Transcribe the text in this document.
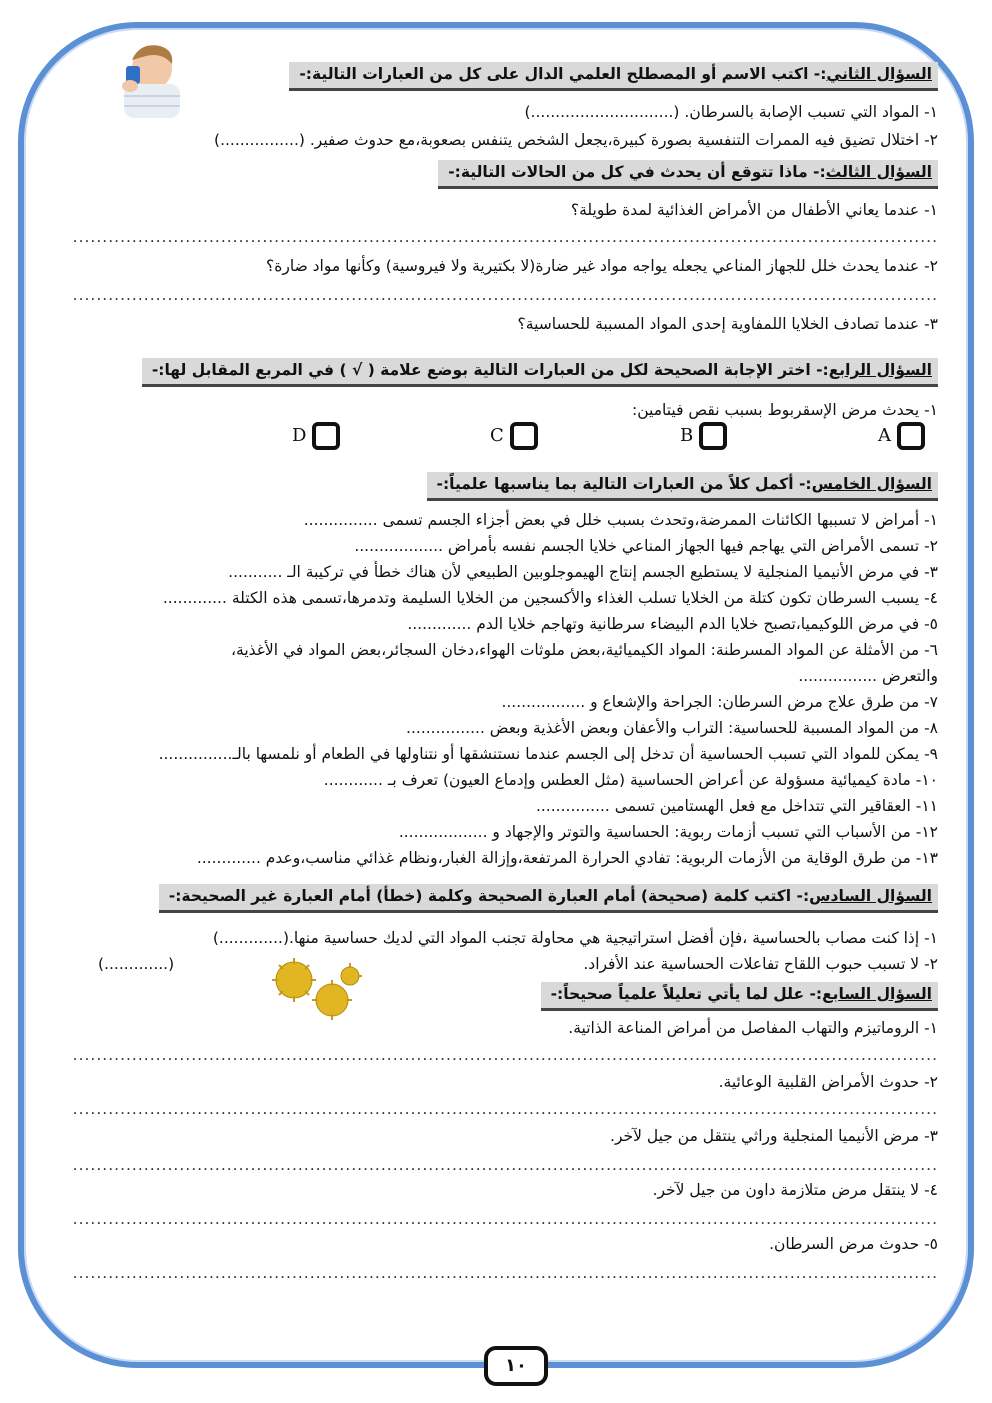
السؤال الثاني:- اكتب الاسم أو المصطلح العلمي الدال على كل من العبارات التالية:-
١- المواد التي تسبب الإصابة بالسرطان. (.............................)
٢- اختلال تضيق فيه الممرات التنفسية بصورة كبيرة،يجعل الشخص يتنفس بصعوبة،مع حدوث صفير. (................)
السؤال الثالث:- ماذا تتوقع أن يحدث في كل من الحالات التالية:-
١- عندما يعاني الأطفال من الأمراض الغذائية لمدة طويلة؟
..................................................................................................................................................
٢- عندما يحدث خلل للجهاز المناعي يجعله يواجه مواد غير ضارة(لا بكتيرية ولا فيروسية) وكأنها مواد ضارة؟
..................................................................................................................................................
٣- عندما تصادف الخلايا اللمفاوية إحدى المواد المسببة للحساسية؟
السؤال الرابع:- اختر الإجابة الصحيحة لكل من العبارات التالية بوضع علامة ( √ ) في المربع المقابل لها:-
١- يحدث مرض الإسقربوط بسبب نقص فيتامين:
D	C	B	A
السؤال الخامس:- أكمل كلاً من العبارات التالية بما يناسبها علمياً:-
١- أمراض لا تسببها الكائنات الممرضة،وتحدث بسبب خلل في بعض أجزاء الجسم تسمى ...............
٢- تسمى الأمراض التي يهاجم فيها الجهاز المناعي خلايا الجسم نفسه بأمراض ..................
٣- في مرض الأنيميا المنجلية لا يستطيع الجسم إنتاج الهيموجلوبين الطبيعي لأن هناك خطأً في تركيبة الـ ...........
٤- يسبب السرطان تكون كتلة من الخلايا تسلب الغذاء والأكسجين من الخلايا السليمة وتدمرها،تسمى هذه الكتلة .............
٥- في مرض اللوكيميا،تصبح خلايا الدم البيضاء سرطانية وتهاجم خلايا الدم .............
٦- من الأمثلة عن المواد المسرطنة: المواد الكيميائية،بعض ملوثات الهواء،دخان السجائر،بعض المواد في الأغذية،
والتعرض ................
٧- من طرق علاج مرض السرطان: الجراحة والإشعاع و .................
٨- من المواد المسببة للحساسية: التراب والأعفان وبعض الأغذية وبعض ................
٩- يمكن للمواد التي تسبب الحساسية أن تدخل إلى الجسم عندما نستنشقها أو نتناولها في الطعام أو نلمسها بالـ...............
١٠- مادة كيميائية مسؤولة عن أعراض الحساسية (مثل العطس وإدماع العيون) تعرف بـ ............
١١- العقاقير التي تتداخل مع فعل الهستامين تسمى ...............
١٢- من الأسباب التي تسبب أزمات ربوية: الحساسية والتوتر والإجهاد و ..................
١٣- من طرق الوقاية من الأزمات الربوية: تفادي الحرارة المرتفعة،وإزالة الغبار،ونظام غذائي مناسب،وعدم .............
السؤال السادس:- اكتب كلمة (صحيحة) أمام العبارة الصحيحة وكلمة (خطأ) أمام العبارة غير الصحيحة:-
١- إذا كنت مصاب بالحساسية ،فإن أفضل استراتيجية هي محاولة تجنب المواد التي لديك حساسية منها.(.............)
٢- لا تسبب حبوب اللقاح تفاعلات الحساسية عند الأفراد.
(.............)
السؤال السابع:- علل لما يأتي تعليلاً علمياً صحيحاً:-
١- الروماتيزم والتهاب المفاصل من أمراض المناعة الذاتية.
..................................................................................................................................................
٢- حدوث الأمراض القلبية الوعائية.
..................................................................................................................................................
٣- مرض الأنيميا المنجلية وراثي ينتقل من جيل لآخر.
..................................................................................................................................................
٤- لا ينتقل مرض متلازمة داون من جيل لآخر.
..................................................................................................................................................
٥- حدوث مرض السرطان.
..................................................................................................................................................
١٠
